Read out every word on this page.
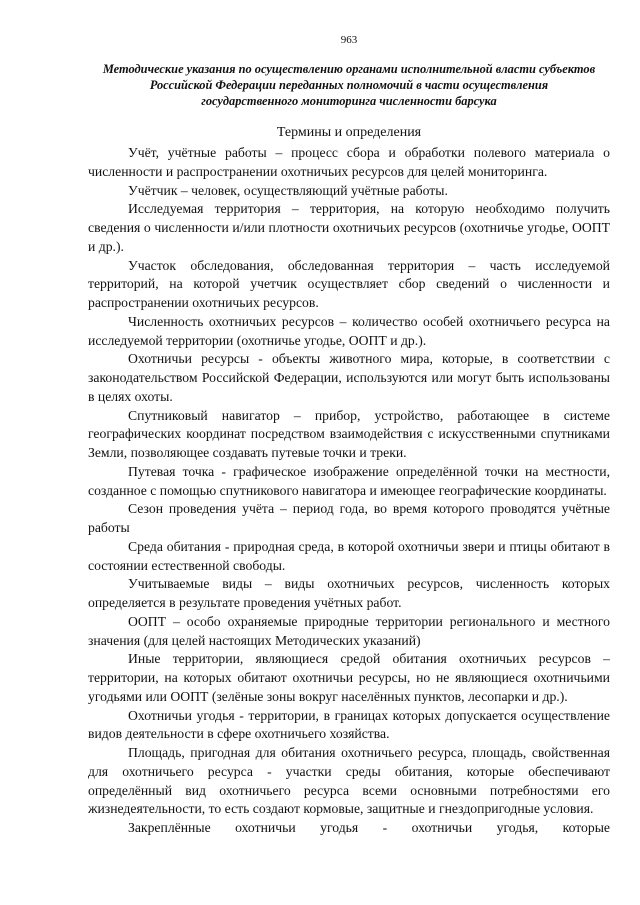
963
Методические указания по осуществлению органами исполнительной власти субъектов
Российской Федерации переданных полномочий в части осуществления
государственного мониторинга численности барсука
Термины и определения

Учёт, учётные работы – процесс сбора и обработки полевого материала о численности и распространении охотничьих ресурсов для целей мониторинга.

Учётчик – человек, осуществляющий учётные работы.

Исследуемая территория – территория, на которую необходимо получить сведения о численности и/или плотности охотничьих ресурсов (охотничье угодье, ООПТ и др.).

Участок обследования, обследованная территория – часть исследуемой территорий, на которой учетчик осуществляет сбор сведений о численности и распространении охотничьих ресурсов.

Численность охотничьих ресурсов – количество особей охотничьего ресурса на исследуемой территории (охотничье угодье, ООПТ и др.).

Охотничьи ресурсы - объекты животного мира, которые, в соответствии с законодательством Российской Федерации, используются или могут быть использованы в целях охоты.

Спутниковый навигатор – прибор, устройство, работающее в системе географических координат посредством взаимодействия с искусственными спутниками Земли, позволяющее создавать путевые точки и треки.

Путевая точка - графическое изображение определённой точки на местности, созданное с помощью спутникового навигатора и имеющее географические координаты.

Сезон проведения учёта – период года, во время которого проводятся учётные работы

Среда обитания - природная среда, в которой охотничьи звери и птицы обитают в состоянии естественной свободы.

Учитываемые виды – виды охотничьих ресурсов, численность которых определяется в результате проведения учётных работ.

ООПТ – особо охраняемые природные территории регионального и местного значения (для целей настоящих Методических указаний)

Иные территории, являющиеся средой обитания охотничьих ресурсов – территории, на которых обитают охотничьи ресурсы, но не являющиеся охотничьими угодьями или ООПТ (зелёные зоны вокруг населённых пунктов, лесопарки и др.).

Охотничьи угодья - территории, в границах которых допускается осуществление видов деятельности в сфере охотничьего хозяйства.

Площадь, пригодная для обитания охотничьего ресурса, площадь, свойственная для охотничьего ресурса - участки среды обитания, которые обеспечивают определённый вид охотничьего ресурса всеми основными потребностями его жизнедеятельности, то есть создают кормовые, защитные и гнездопригодные условия.

Закреплённые охотничьи угодья - охотничьи угодья, которые
